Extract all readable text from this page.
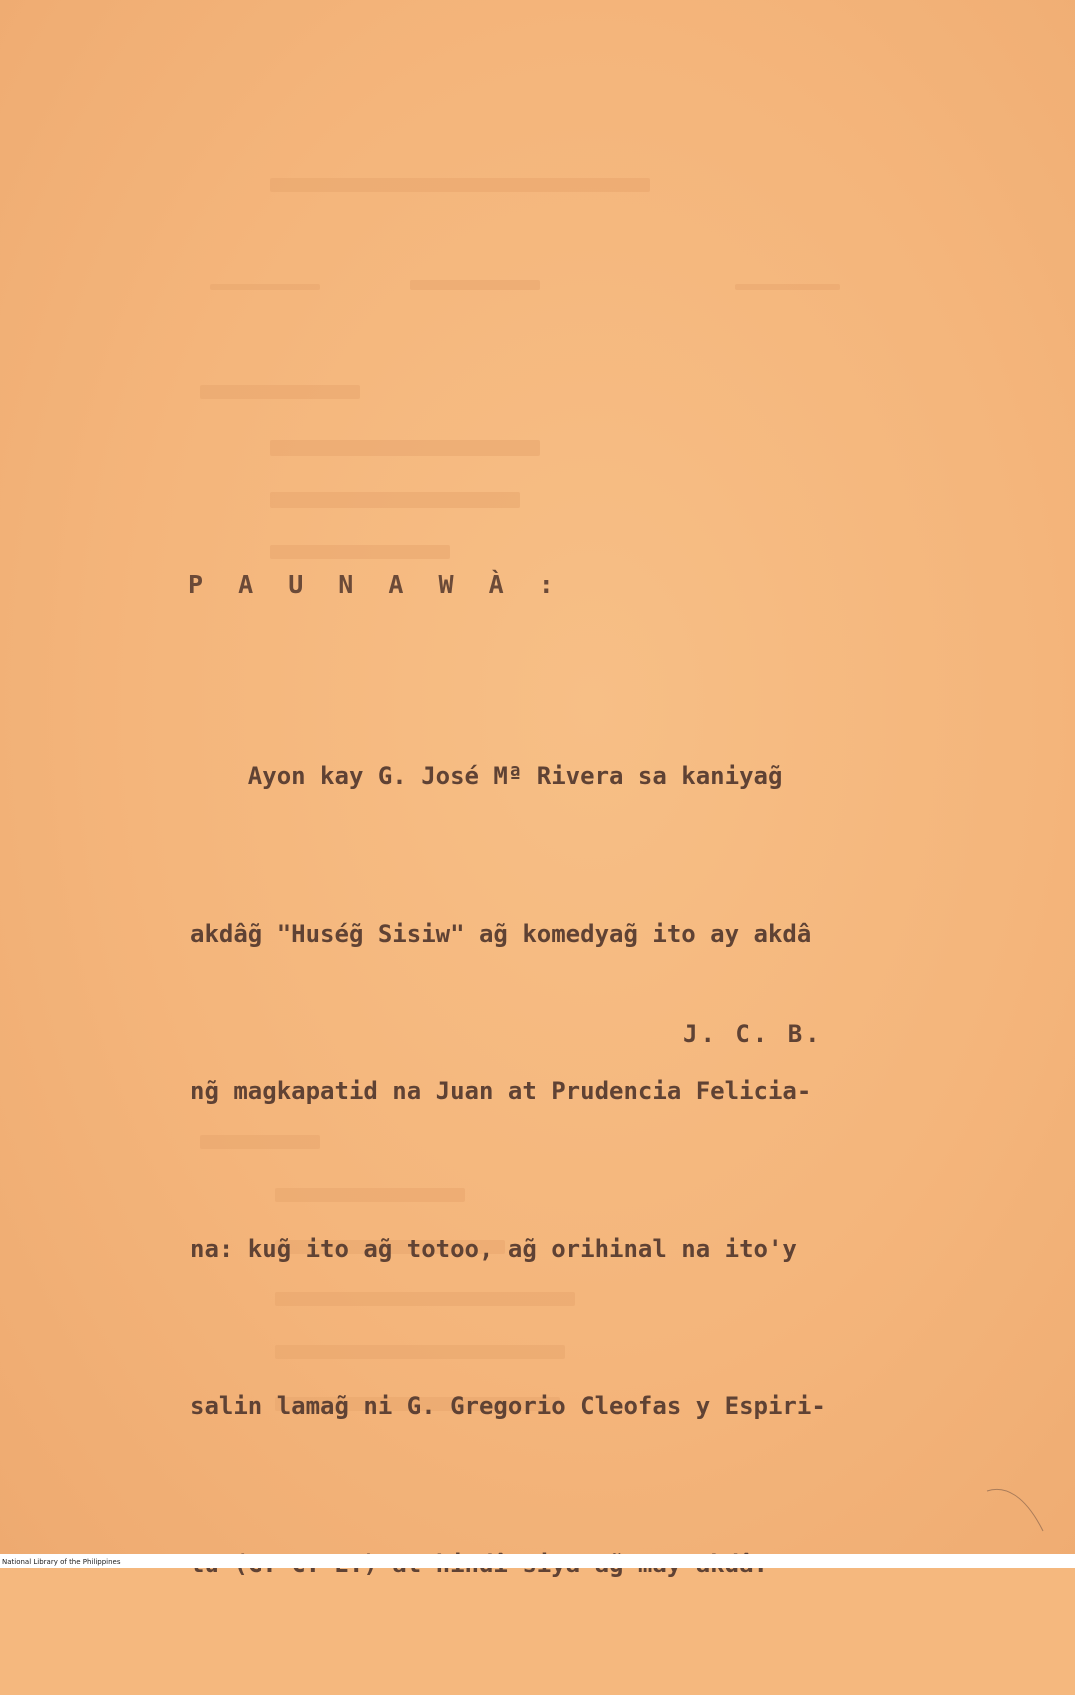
P A U N A W À :

Ayon kay G. José Mª Rivera sa kaniyag̃

akdâg̃ "Huség̃ Sisiw" ag̃ komedyag̃ ito ay akdâ

ng̃ magkapatid na Juan at Prudencia Felicia-

na: kug̃ ito ag̃ totoo, ag̃ orihinal na ito'y

salin lamag̃ ni G. Gregorio Cleofas y Espiri-

J. C. B.
National Library of the Philippines
